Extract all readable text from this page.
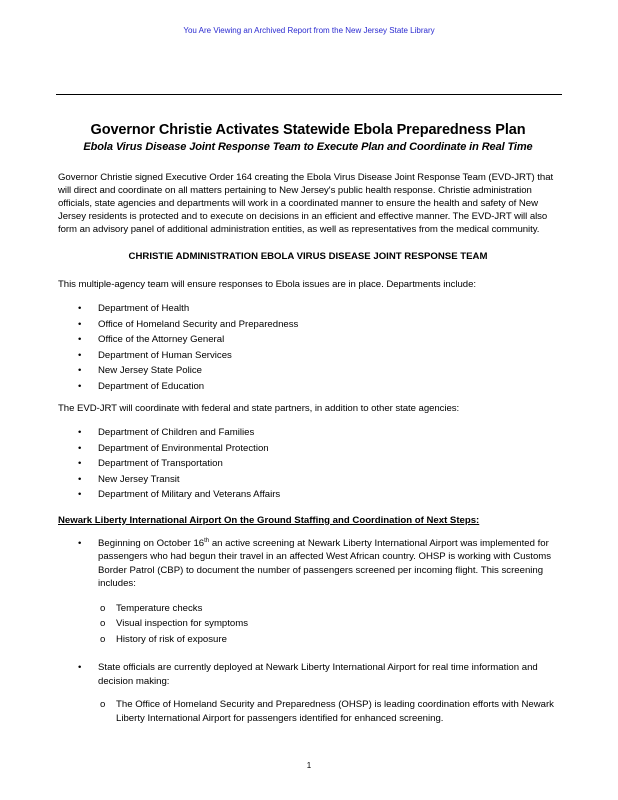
You Are Viewing an Archived Report from the New Jersey State Library
Governor Christie Activates Statewide Ebola Preparedness Plan
Ebola Virus Disease Joint Response Team to Execute Plan and Coordinate in Real Time

Governor Christie signed Executive Order 164 creating the Ebola Virus Disease Joint Response Team (EVD-JRT) that will direct and coordinate on all matters pertaining to New Jersey's public health response. Christie administration officials, state agencies and departments will work in a coordinated manner to ensure the health and safety of New Jersey residents is protected and to execute on decisions in an efficient and effective manner. The EVD-JRT will also form an advisory panel of additional administration entities, as well as representatives from the medical community.

CHRISTIE ADMINISTRATION EBOLA VIRUS DISEASE JOINT RESPONSE TEAM

This multiple-agency team will ensure responses to Ebola issues are in place. Departments include:

• Department of Health
• Office of Homeland Security and Preparedness
• Office of the Attorney General
• Department of Human Services
• New Jersey State Police
• Department of Education

The EVD-JRT will coordinate with federal and state partners, in addition to other state agencies:

• Department of Children and Families
• Department of Environmental Protection
• Department of Transportation
• New Jersey Transit
• Department of Military and Veterans Affairs
Newark Liberty International Airport On the Ground Staffing and Coordination of Next Steps:
• Beginning on October 16th an active screening at Newark Liberty International Airport was implemented for passengers who had begun their travel in an affected West African country. OHSP is working with Customs Border Patrol (CBP) to document the number of passengers screened per incoming flight. This screening includes:
o Temperature checks
o Visual inspection for symptoms
o History of risk of exposure
• State officials are currently deployed at Newark Liberty International Airport for real time information and decision making:
o The Office of Homeland Security and Preparedness (OHSP) is leading coordination efforts with Newark Liberty International Airport for passengers identified for enhanced screening.
1
